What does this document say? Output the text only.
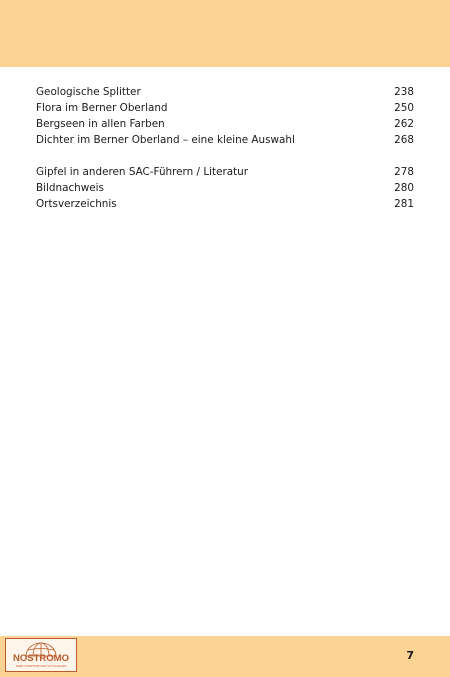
Geologische Splitter	238
Flora im Berner Oberland	250
Bergseen in allen Farben	262
Dichter im Berner Oberland – eine kleine Auswahl	268
Gipfel in anderen SAC-Führern / Literatur	278
Bildnachweis	280
Ortsverzeichnis	281
NOSTROMO
WEB COMPTOIR DES VOYAGEURS
7
